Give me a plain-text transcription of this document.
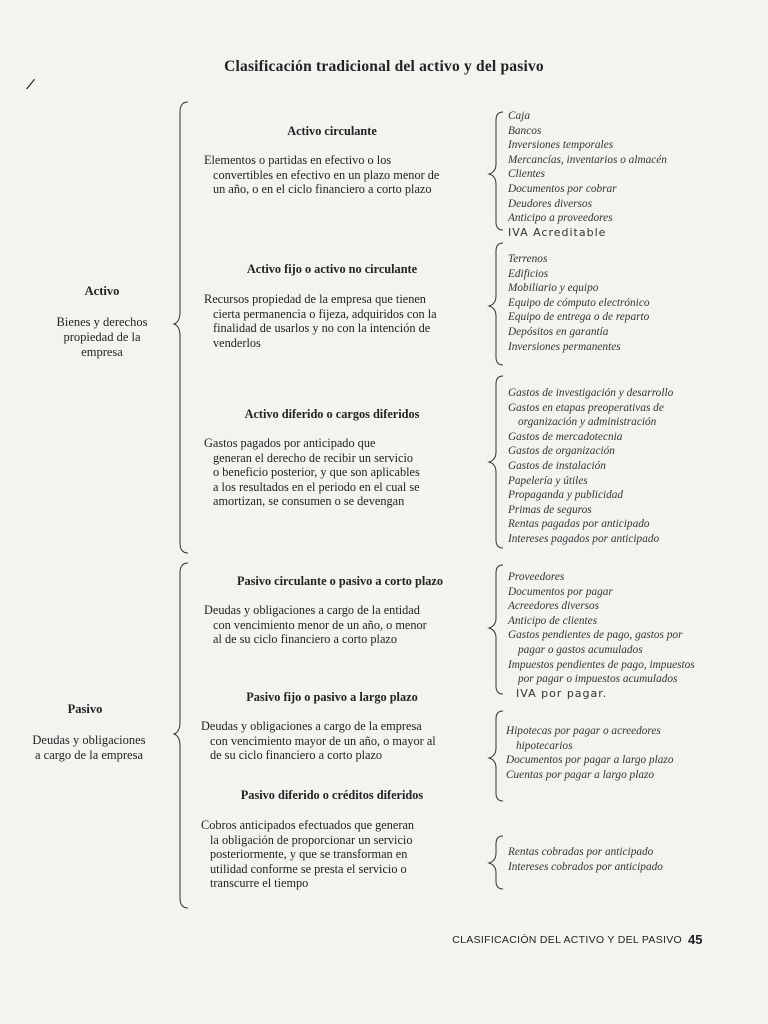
Clasificación tradicional del activo y del pasivo
/
Activo
Bienes y derechos
propiedad de la
empresa
Pasivo
Deudas y obligaciones
a cargo de la empresa
Activo circulante

Elementos o partidas en efectivo o los

convertibles en efectivo en un plazo menor de

un año, o en el ciclo financiero a corto plazo

Caja
Bancos
Inversiones temporales
Mercancías, inventarios o almacén
Clientes
Documentos por cobrar
Deudores diversos
Anticipo a proveedores
IVA Acreditable
Activo fijo o activo no circulante

Recursos propiedad de la empresa que tienen

cierta permanencia o fijeza, adquiridos con la

finalidad de usarlos y no con la intención de

venderlos

Terrenos
Edificios
Mobiliario y equipo
Equipo de cómputo electrónico
Equipo de entrega o de reparto
Depósitos en garantía
Inversiones permanentes
Activo diferido o cargos diferidos

Gastos pagados por anticipado que

generan el derecho de recibir un servicio

o beneficio posterior, y que son aplicables

a los resultados en el periodo en el cual se

amortizan, se consumen o se devengan

Gastos de investigación y desarrollo
Gastos en etapas preoperativas de
organización y administración
Gastos de mercadotecnia
Gastos de organización
Gastos de instalación
Papelería y útiles
Propaganda y publicidad
Primas de seguros
Rentas pagadas por anticipado
Intereses pagados por anticipado
Pasivo circulante o pasivo a corto plazo

Deudas y obligaciones a cargo de la entidad

con vencimiento menor de un año, o menor

al de su ciclo financiero a corto plazo

Proveedores
Documentos por pagar
Acreedores diversos
Anticipo de clientes
Gastos pendientes de pago, gastos por
pagar o gastos acumulados
Impuestos pendientes de pago, impuestos
por pagar o impuestos acumulados
IVA por pagar.
Pasivo fijo o pasivo a largo plazo

Deudas y obligaciones a cargo de la empresa

con vencimiento mayor de un año, o mayor al

de su ciclo financiero a corto plazo

Hipotecas por pagar o acreedores
hipotecarios
Documentos por pagar a largo plazo
Cuentas por pagar a largo plazo
Pasivo diferido o créditos diferidos

Cobros anticipados efectuados que generan

la obligación de proporcionar un servicio

posteriormente, y que se transforman en

utilidad conforme se presta el servicio o

transcurre el tiempo

Rentas cobradas por anticipado
Intereses cobrados por anticipado
CLASIFICACIÓN DEL ACTIVO Y DEL PASIVO 45
